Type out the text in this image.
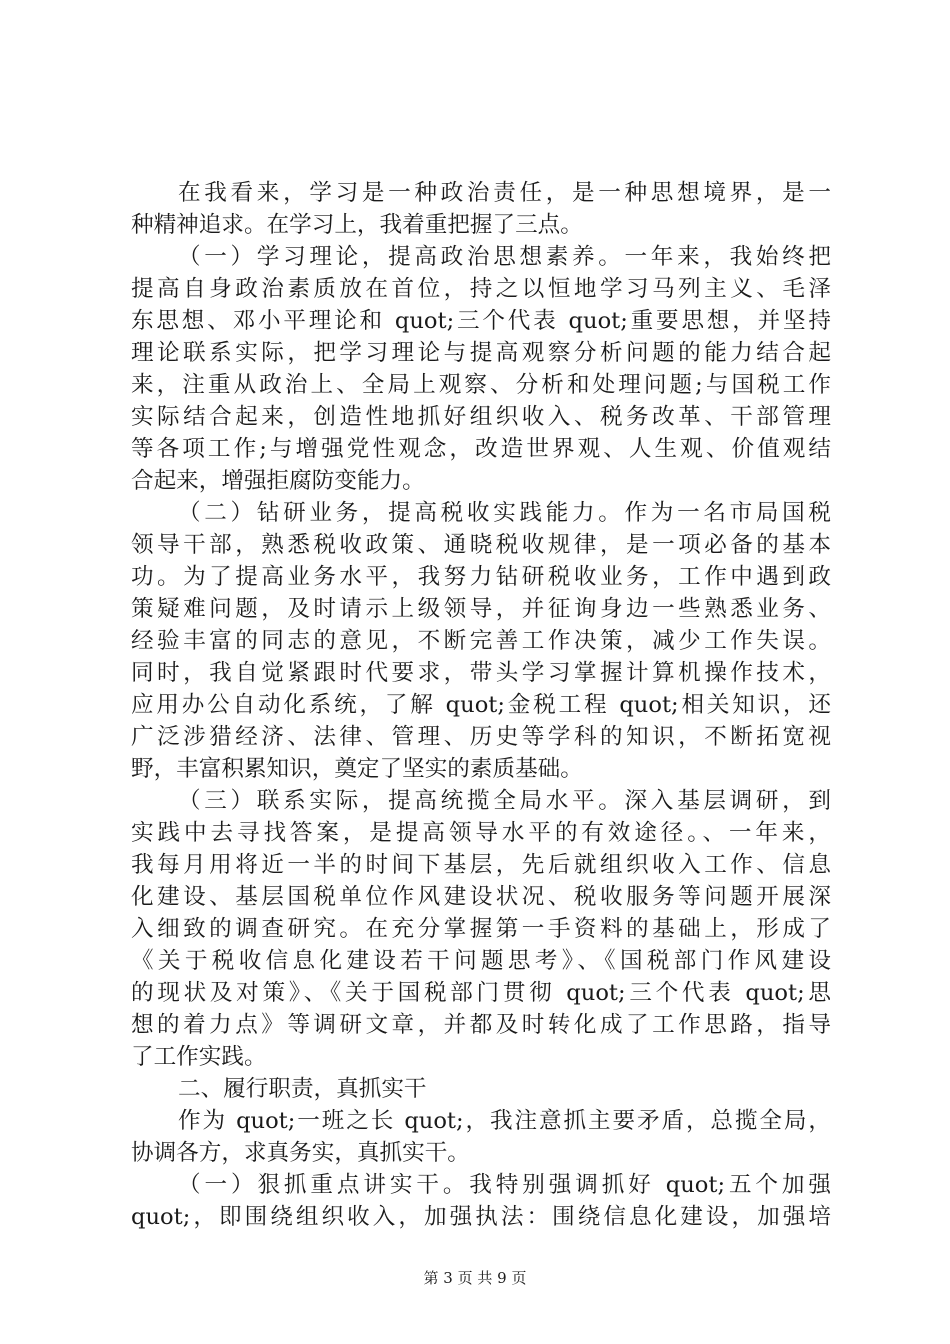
在我看来，学习是一种政治责任，是一种思想境界，是一
种精神追求。在学习上，我着重把握了三点。
（一）学习理论，提高政治思想素养。一年来，我始终把
提高自身政治素质放在首位，持之以恒地学习马列主义、毛泽
东思想、邓小平理论和 quot;三个代表 quot;重要思想，并坚持
理论联系实际，把学习理论与提高观察分析问题的能力结合起
来，注重从政治上、全局上观察、分析和处理问题;与国税工作
实际结合起来，创造性地抓好组织收入、税务改革、干部管理
等各项工作;与增强党性观念，改造世界观、人生观、价值观结
合起来，增强拒腐防变能力。
（二）钻研业务，提高税收实践能力。作为一名市局国税
领导干部，熟悉税收政策、通晓税收规律，是一项必备的基本
功。为了提高业务水平，我努力钻研税收业务，工作中遇到政
策疑难问题，及时请示上级领导，并征询身边一些熟悉业务、
经验丰富的同志的意见，不断完善工作决策，减少工作失误。
同时，我自觉紧跟时代要求，带头学习掌握计算机操作技术，
应用办公自动化系统，了解 quot;金税工程 quot;相关知识，还
广泛涉猎经济、法律、管理、历史等学科的知识，不断拓宽视
野，丰富积累知识，奠定了坚实的素质基础。
（三）联系实际，提高统揽全局水平。深入基层调研，到
实践中去寻找答案，是提高领导水平的有效途径。、一年来，
我每月用将近一半的时间下基层，先后就组织收入工作、信息
化建设、基层国税单位作风建设状况、税收服务等问题开展深
入细致的调查研究。在充分掌握第一手资料的基础上，形成了
《关于税收信息化建设若干问题思考》、《国税部门作风建设
的现状及对策》、《关于国税部门贯彻 quot;三个代表 quot;思
想的着力点》等调研文章，并都及时转化成了工作思路，指导
了工作实践。
二、履行职责，真抓实干
作为 quot;一班之长 quot;，我注意抓主要矛盾，总揽全局，
协调各方，求真务实，真抓实干。
（一）狠抓重点讲实干。我特别强调抓好 quot;五个加强
quot;，即围绕组织收入，加强执法：围绕信息化建设，加强培
第 3 页 共 9 页
